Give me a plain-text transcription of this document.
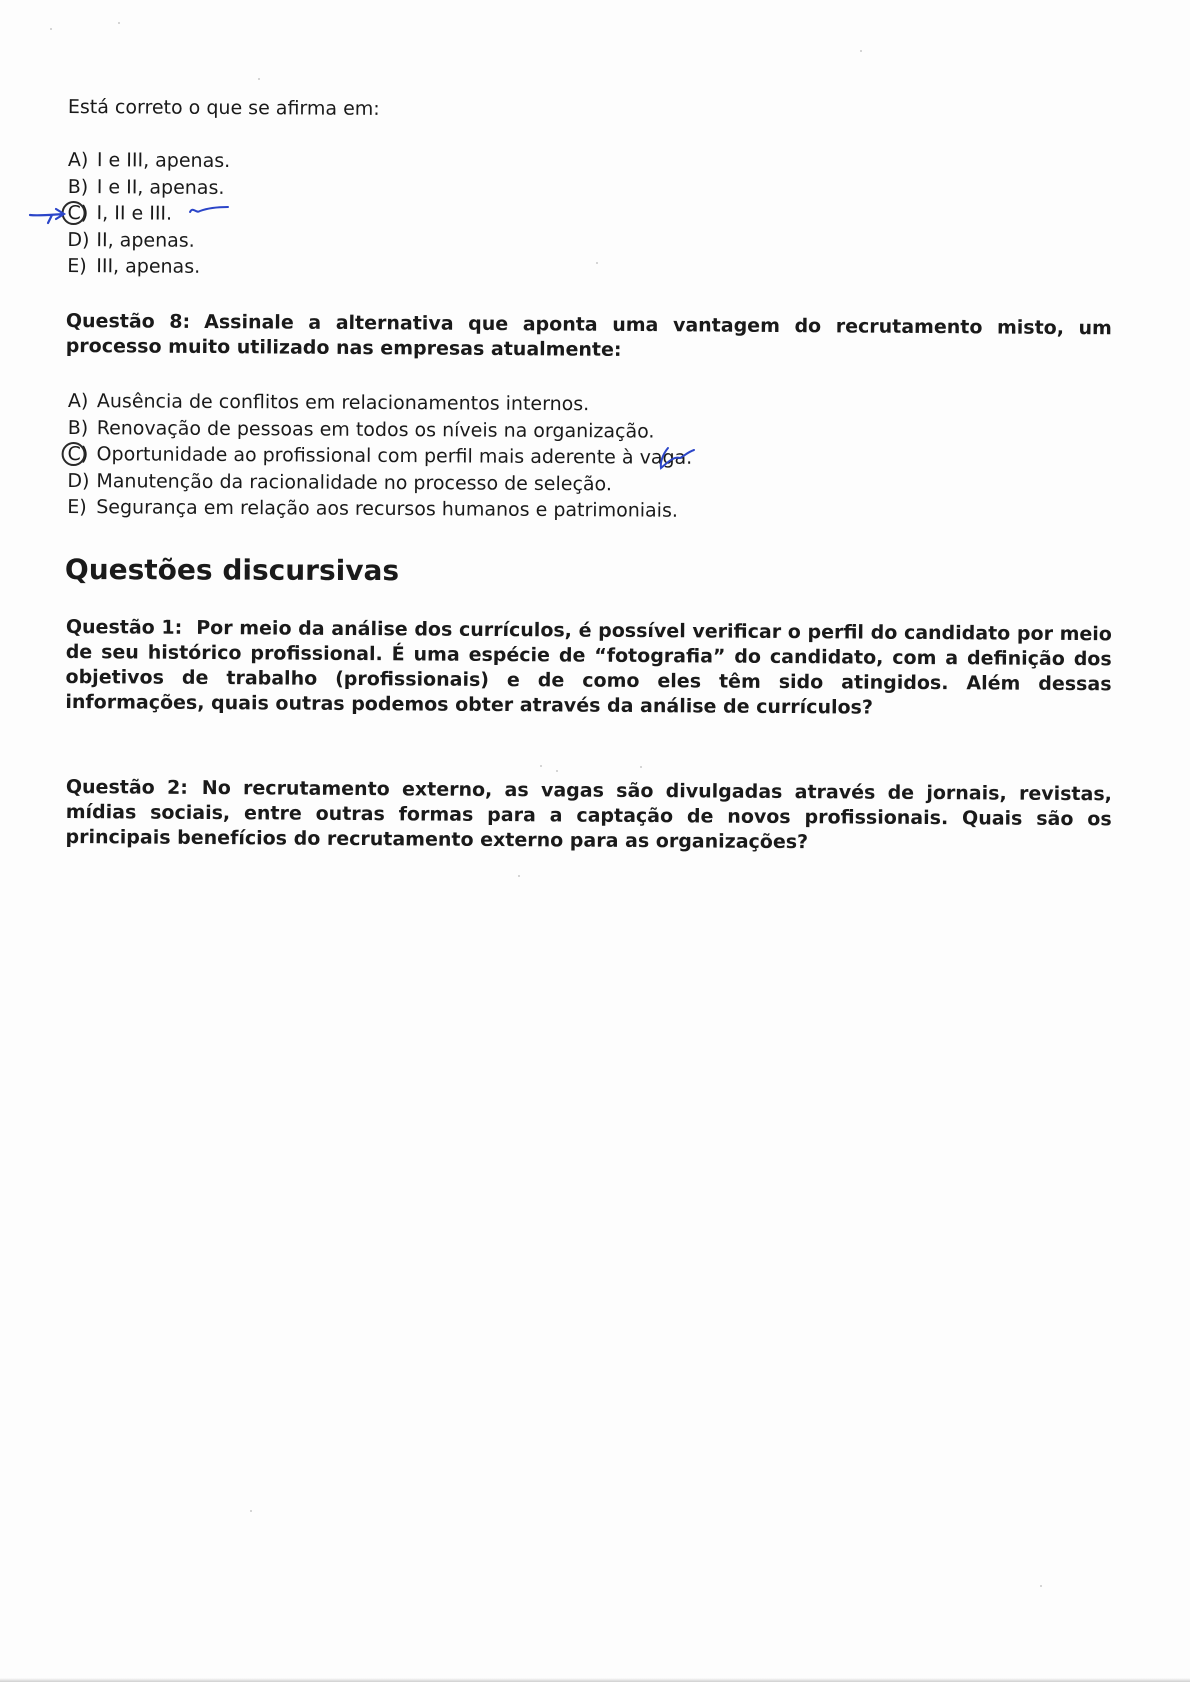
Está correto o que se afirma em:
A) I e III, apenas.
B) I e II, apenas.
C) I, II e III.
D) II, apenas.
E) III, apenas.
Questão 8: Assinale a alternativa que aponta uma vantagem do recrutamento misto, um processo muito utilizado nas empresas atualmente:
A) Ausência de conflitos em relacionamentos internos.
B) Renovação de pessoas em todos os níveis na organização.
C) Oportunidade ao profissional com perfil mais aderente à vaga.
D) Manutenção da racionalidade no processo de seleção.
E) Segurança em relação aos recursos humanos e patrimoniais.
Questões discursivas
Questão 1: Por meio da análise dos currículos, é possível verificar o perfil do candidato por meio de seu histórico profissional. É uma espécie de “fotografia” do candidato, com a definição dos objetivos de trabalho (profissionais) e de como eles têm sido atingidos. Além dessas informações, quais outras podemos obter através da análise de currículos?
Questão 2: No recrutamento externo, as vagas são divulgadas através de jornais, revistas, mídias sociais, entre outras formas para a captação de novos profissionais. Quais são os principais benefícios do recrutamento externo para as organizações?
